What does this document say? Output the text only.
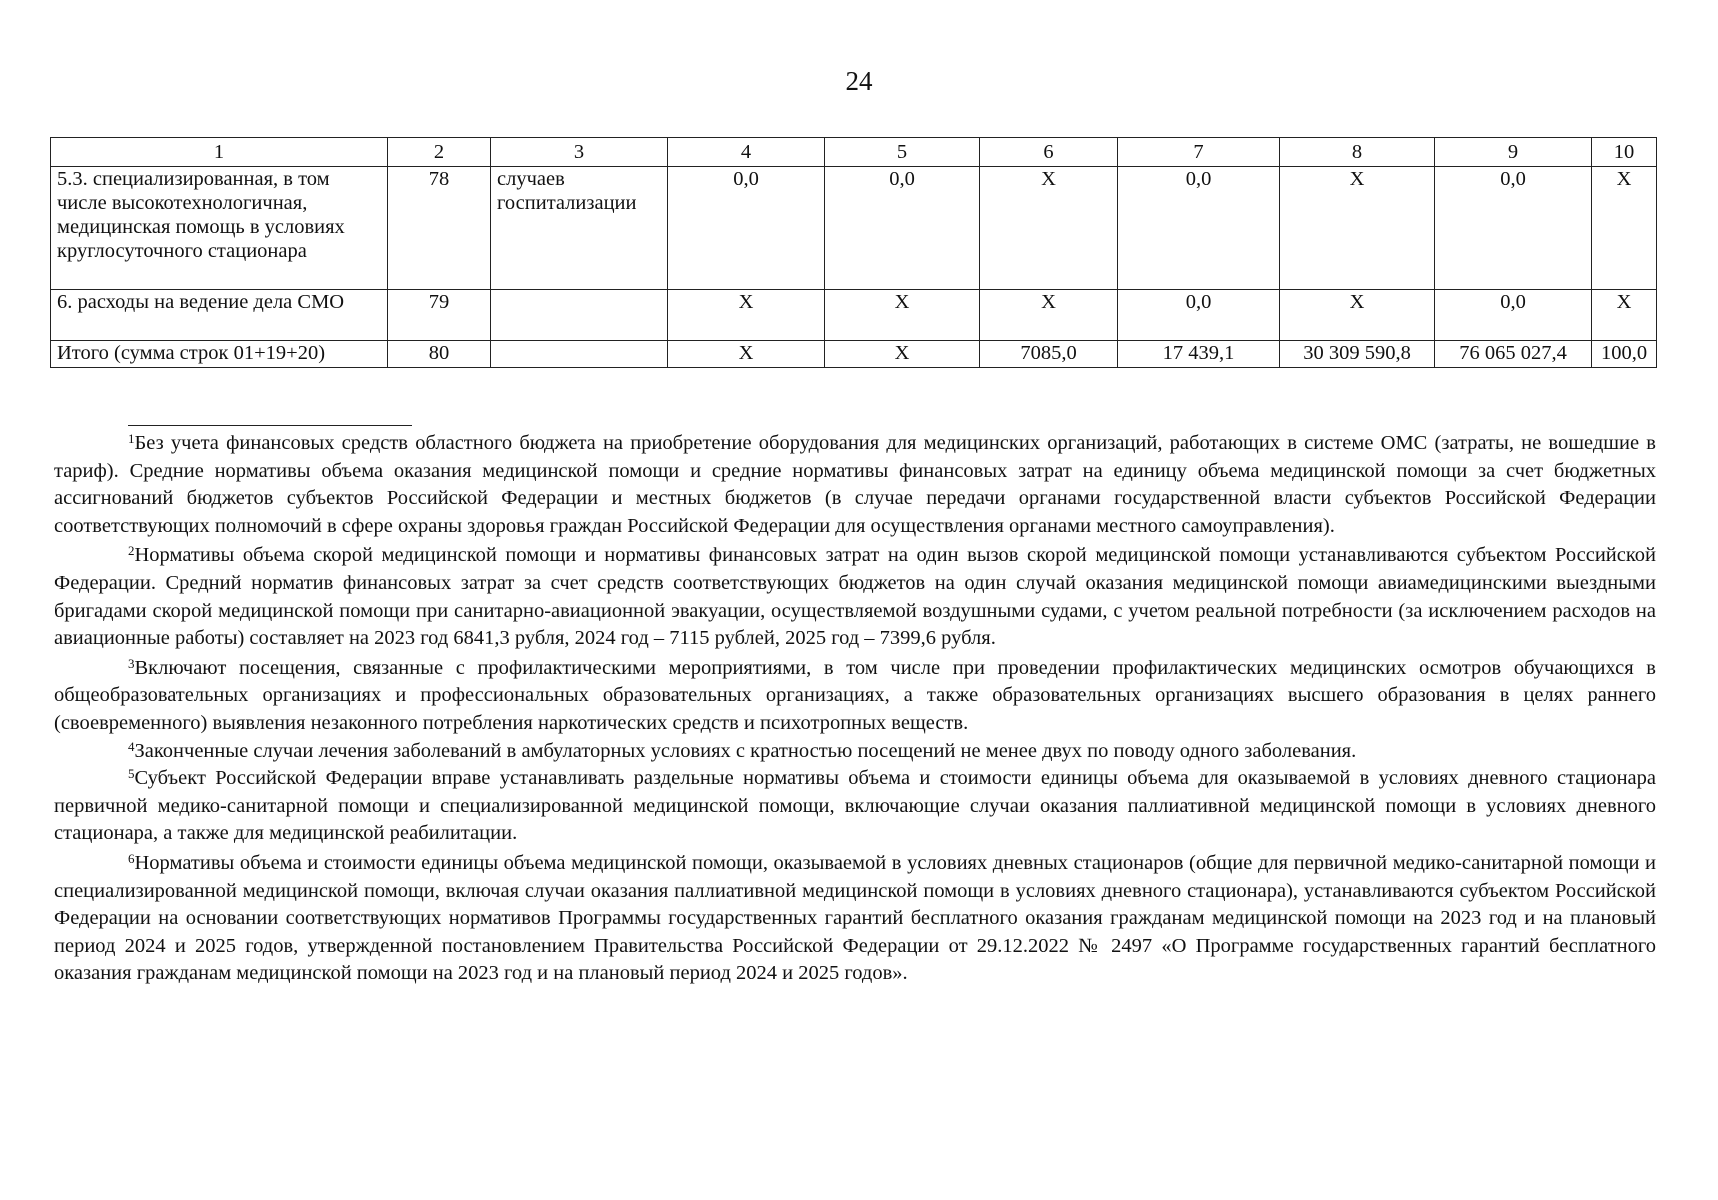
24
1	2	3	4	5	6	7	8	9	10
5.3. специализированная, в том числе высокотехнологичная, медицинская помощь в условиях круглосуточного стационара	78	случаев госпитализации	0,0	0,0	Х	0,0	Х	0,0	Х
6. расходы на ведение дела СМО	79		Х	Х	Х	0,0	Х	0,0	Х
Итого (сумма строк 01+19+20)	80		Х	Х	7085,0	17 439,1	30 309 590,8	76 065 027,4	100,0

$^1$Без учета финансовых средств областного бюджета на приобретение оборудования для медицинских организаций, работающих в системе ОМС (затраты, не вошедшие в тариф). Средние нормативы объема оказания медицинской помощи и средние нормативы финансовых затрат на единицу объема медицинской помощи за счет бюджетных ассигнований бюджетов субъектов Российской Федерации и местных бюджетов (в случае передачи органами государственной власти субъектов Российской Федерации соответствующих полномочий в сфере охраны здоровья граждан Российской Федерации для осуществления органами местного самоуправления).

$^2$Нормативы объема скорой медицинской помощи и нормативы финансовых затрат на один вызов скорой медицинской помощи устанавливаются субъектом Российской Федерации. Средний норматив финансовых затрат за счет средств соответствующих бюджетов на один случай оказания медицинской помощи авиамедицинскими выездными бригадами скорой медицинской помощи при санитарно-авиационной эвакуации, осуществляемой воздушными судами, с учетом реальной потребности (за исключением расходов на авиационные работы) составляет на 2023 год 6841,3 рубля, 2024 год – 7115 рублей, 2025 год – 7399,6 рубля.

$^3$Включают посещения, связанные с профилактическими мероприятиями, в том числе при проведении профилактических медицинских осмотров обучающихся в общеобразовательных организациях и профессиональных образовательных организациях, а также образовательных организациях высшего образования в целях раннего (своевременного) выявления незаконного потребления наркотических средств и психотропных веществ.

$^4$Законченные случаи лечения заболеваний в амбулаторных условиях с кратностью посещений не менее двух по поводу одного заболевания.

$^5$Субъект Российской Федерации вправе устанавливать раздельные нормативы объема и стоимости единицы объема для оказываемой в условиях дневного стационара первичной медико-санитарной помощи и специализированной медицинской помощи, включающие случаи оказания паллиативной медицинской помощи в условиях дневного стационара, а также для медицинской реабилитации.

$^6$Нормативы объема и стоимости единицы объема медицинской помощи, оказываемой в условиях дневных стационаров (общие для первичной медико-санитарной помощи и специализированной медицинской помощи, включая случаи оказания паллиативной медицинской помощи в условиях дневного стационара), устанавливаются субъектом Российской Федерации на основании соответствующих нормативов Программы государственных гарантий бесплатного оказания гражданам медицинской помощи на 2023 год и на плановый период 2024 и 2025 годов, утвержденной постановлением Правительства Российской Федерации от 29.12.2022 № 2497 «О Программе государственных гарантий бесплатного оказания гражданам медицинской помощи на 2023 год и на плановый период 2024 и 2025 годов».
